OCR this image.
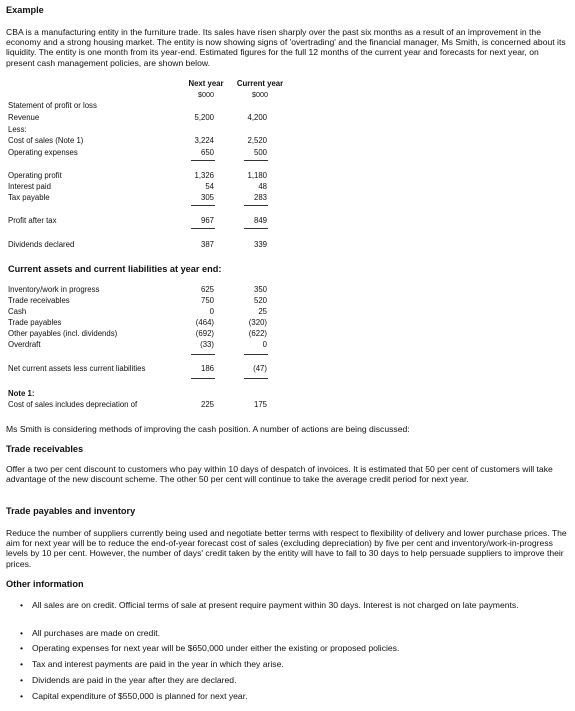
Example
CBA is a manufacturing entity in the furniture trade. Its sales have risen sharply over the past six months as a result of an improvement in the economy and a strong housing market. The entity is now showing signs of 'overtrading' and the financial manager, Ms Smith, is concerned about its liquidity. The entity is one month from its year-end. Estimated figures for the full 12 months of the current year and forecasts for next year, on present cash management policies, are shown below.
Next year	Current year
$000	$000
Statement of profit or loss
Revenue	5,200	4,200
Less:
Cost of sales (Note 1)	3,224	2,520
Operating expenses	650	500
Operating profit	1,326	1,180
Interest paid	54	48
Tax payable	305	283
Profit after tax	967	849
Dividends declared	387	339
Current assets and current liabilities at year end:
Inventory/work in progress	625	350
Trade receivables	750	520
Cash	0	25
Trade payables	(464)	(320)
Other payables (incl. dividends)	(692)	(622)
Overdraft	(33)	0
Net current assets less current liabilities	186	(47)
Note 1:
Cost of sales includes depreciation of	225	175
Ms Smith is considering methods of improving the cash position. A number of actions are being discussed:
Trade receivables
Offer a two per cent discount to customers who pay within 10 days of despatch of invoices. It is estimated that 50 per cent of customers will take advantage of the new discount scheme. The other 50 per cent will continue to take the average credit period for next year.
Trade payables and inventory
Reduce the number of suppliers currently being used and negotiate better terms with respect to flexibility of delivery and lower purchase prices. The aim for next year will be to reduce the end-of-year forecast cost of sales (excluding depreciation) by five per cent and inventory/work-in-progress levels by 10 per cent. However, the number of days' credit taken by the entity will have to fall to 30 days to help persuade suppliers to improve their prices.
Other information
• All sales are on credit. Official terms of sale at present require payment within 30 days. Interest is not charged on late payments.
• All purchases are made on credit.
• Operating expenses for next year will be $650,000 under either the existing or proposed policies.
• Tax and interest payments are paid in the year in which they arise.
• Dividends are paid in the year after they are declared.
• Capital expenditure of $550,000 is planned for next year.
